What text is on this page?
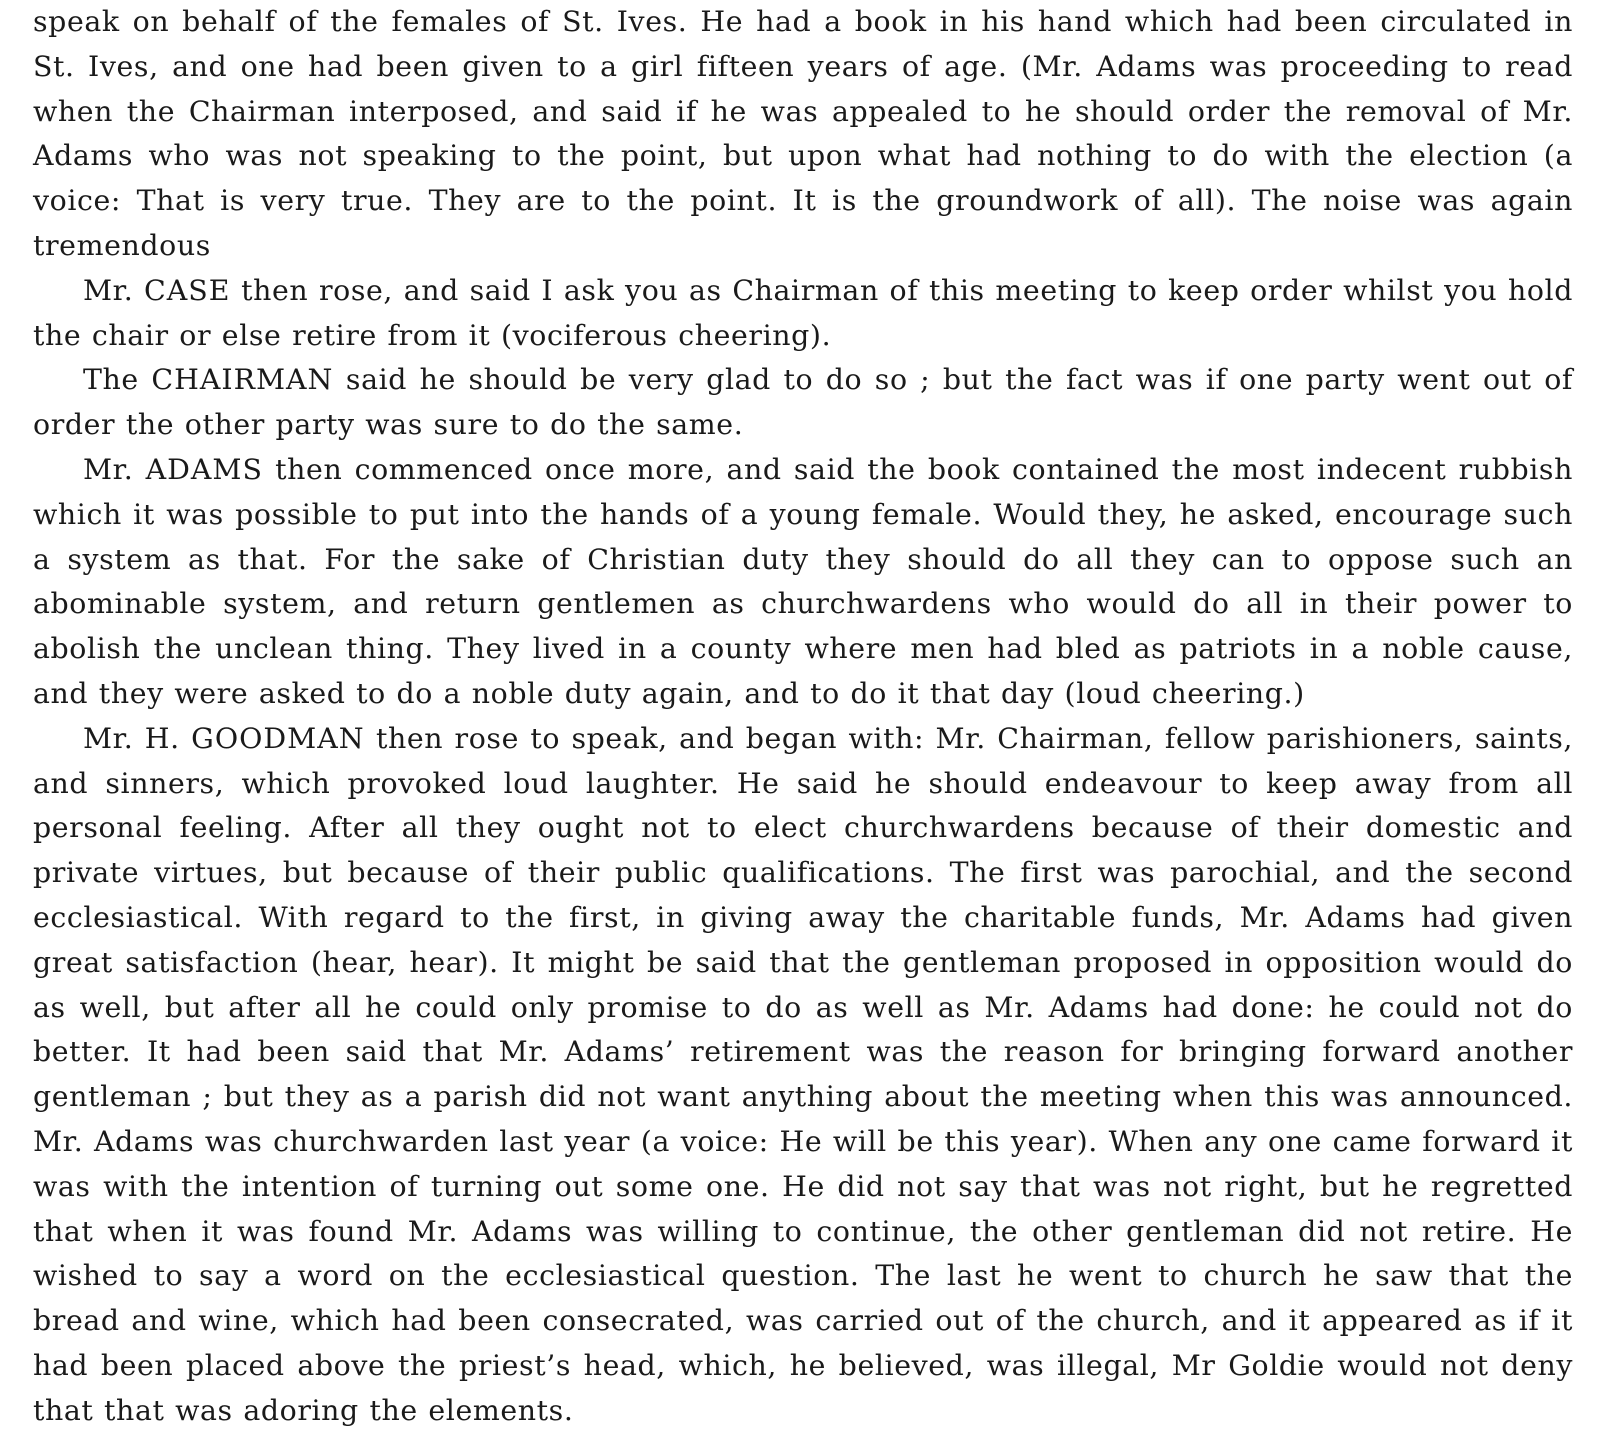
speak on behalf of the females of St. Ives. He had a book in his hand which had been circulated in St. Ives, and one had been given to a girl fifteen years of age. (Mr. Adams was proceeding to read when the Chairman interposed, and said if he was appealed to he should order the removal of Mr. Adams who was not speaking to the point, but upon what had nothing to do with the election (a voice: That is very true. They are to the point. It is the groundwork of all). The noise was again tremendous

Mr. CASE then rose, and said I ask you as Chairman of this meeting to keep order whilst you hold the chair or else retire from it (vociferous cheering).

The CHAIRMAN said he should be very glad to do so ; but the fact was if one party went out of order the other party was sure to do the same.

Mr. ADAMS then commenced once more, and said the book contained the most indecent rubbish which it was possible to put into the hands of a young female. Would they, he asked, encourage such a system as that. For the sake of Christian duty they should do all they can to oppose such an abominable system, and return gentlemen as churchwardens who would do all in their power to abolish the unclean thing. They lived in a county where men had bled as patriots in a noble cause, and they were asked to do a noble duty again, and to do it that day (loud cheering.)

Mr. H. GOODMAN then rose to speak, and began with: Mr. Chairman, fellow parishioners, saints, and sinners, which provoked loud laughter. He said he should endeavour to keep away from all personal feeling. After all they ought not to elect churchwardens because of their domestic and private virtues, but because of their public qualifications. The first was parochial, and the second ecclesiastical. With regard to the first, in giving away the charitable funds, Mr. Adams had given great satisfaction (hear, hear). It might be said that the gentleman proposed in opposition would do as well, but after all he could only promise to do as well as Mr. Adams had done: he could not do better. It had been said that Mr. Adams’ retirement was the reason for bringing forward another gentleman ; but they as a parish did not want anything about the meeting when this was announced. Mr. Adams was churchwarden last year (a voice: He will be this year). When any one came forward it was with the intention of turning out some one. He did not say that was not right, but he regretted that when it was found Mr. Adams was willing to continue, the other gentleman did not retire. He wished to say a word on the ecclesiastical question. The last he went to church he saw that the bread and wine, which had been consecrated, was carried out of the church, and it appeared as if it had been placed above the priest’s head, which, he believed, was illegal, Mr Goldie would not deny that that was adoring the elements.
